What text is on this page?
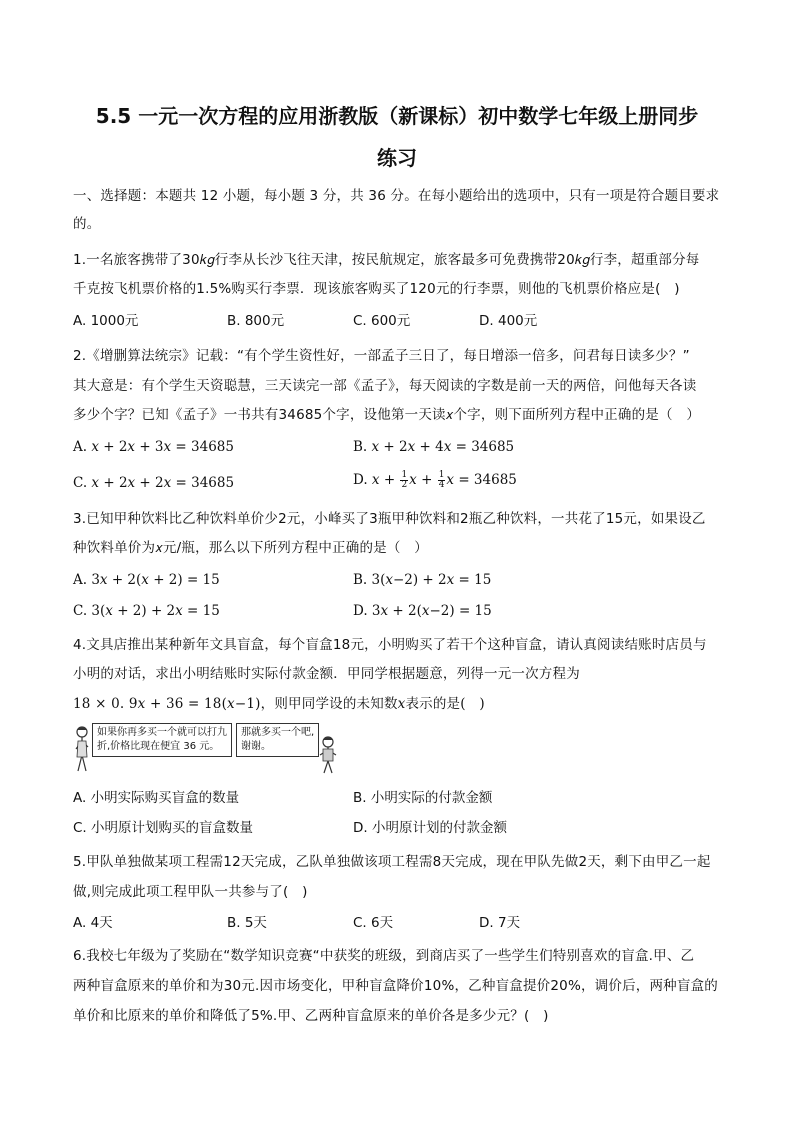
5.5 一元一次方程的应用浙教版（新课标）初中数学七年级上册同步
练习
一、选择题：本题共 12 小题，每小题 3 分，共 36 分。在每小题给出的选项中，只有一项是符合题目要求
的。
1.一名旅客携带了30𝑘𝑔行李从长沙飞往天津，按民航规定，旅客最多可免费携带20𝑘𝑔行李，超重部分每
千克按飞机票价格的1.5%购买行李票．现该旅客购买了120元的行李票，则他的飞机票价格应是(　)
A. 1000元	B. 800元	C. 600元	D. 400元
2.《增删算法统宗》记载：“有个学生资性好，一部孟子三日了，每日增添一倍多，问君每日读多少？”
其大意是：有个学生天资聪慧，三天读完一部《孟子》，每天阅读的字数是前一天的两倍，问他每天各读
多少个字？已知《孟子》一书共有34685个字，设他第一天读𝑥个字，则下面所列方程中正确的是（　）
A. 𝑥 + 2𝑥 + 3𝑥 = 34685	B. 𝑥 + 2𝑥 + 4𝑥 = 34685
C. 𝑥 + 2𝑥 + 2𝑥 = 34685	D. 𝑥 + $\frac{1}{2}$ 𝑥 + $\frac{1}{4}$ 𝑥 = 34685
3.已知甲种饮料比乙种饮料单价少2元，小峰买了3瓶甲种饮料和2瓶乙种饮料，一共花了15元，如果设乙
种饮料单价为𝑥元/瓶，那么以下所列方程中正确的是（　）
A. 3𝑥 + 2(𝑥 + 2) = 15	B. 3(𝑥−2) + 2𝑥 = 15
C. 3(𝑥 + 2) + 2𝑥 = 15	D. 3𝑥 + 2(𝑥−2) = 15
4.文具店推出某种新年文具盲盒，每个盲盒18元，小明购买了若干个这种盲盒，请认真阅读结账时店员与
小明的对话，求出小明结账时实际付款金额．甲同学根据题意，列得一元一次方程为
18 × 0. 9𝑥 + 36 = 18(𝑥−1)，则甲同学设的未知数𝑥表示的是(　)
如果你再多买一个就可以打九
折,价格比现在便宜 36 元。
那就多买一个吧,
谢谢。
A. 小明实际购买盲盒的数量	B. 小明实际的付款金额
C. 小明原计划购买的盲盒数量	D. 小明原计划的付款金额
5.甲队单独做某项工程需12天完成，乙队单独做该项工程需8天完成，现在甲队先做2天，剩下由甲乙一起
做,则完成此项工程甲队一共参与了(　)
A. 4天	B. 5天	C. 6天	D. 7天
6.我校七年级为了奖励在“数学知识竞赛“中获奖的班级，到商店买了一些学生们特别喜欢的盲盒.甲、乙
两种盲盒原来的单价和为30元.因市场变化，甲种盲盒降价10%，乙种盲盒提价20%，调价后，两种盲盒的
单价和比原来的单价和降低了5%.甲、乙两种盲盒原来的单价各是多少元？(　)
